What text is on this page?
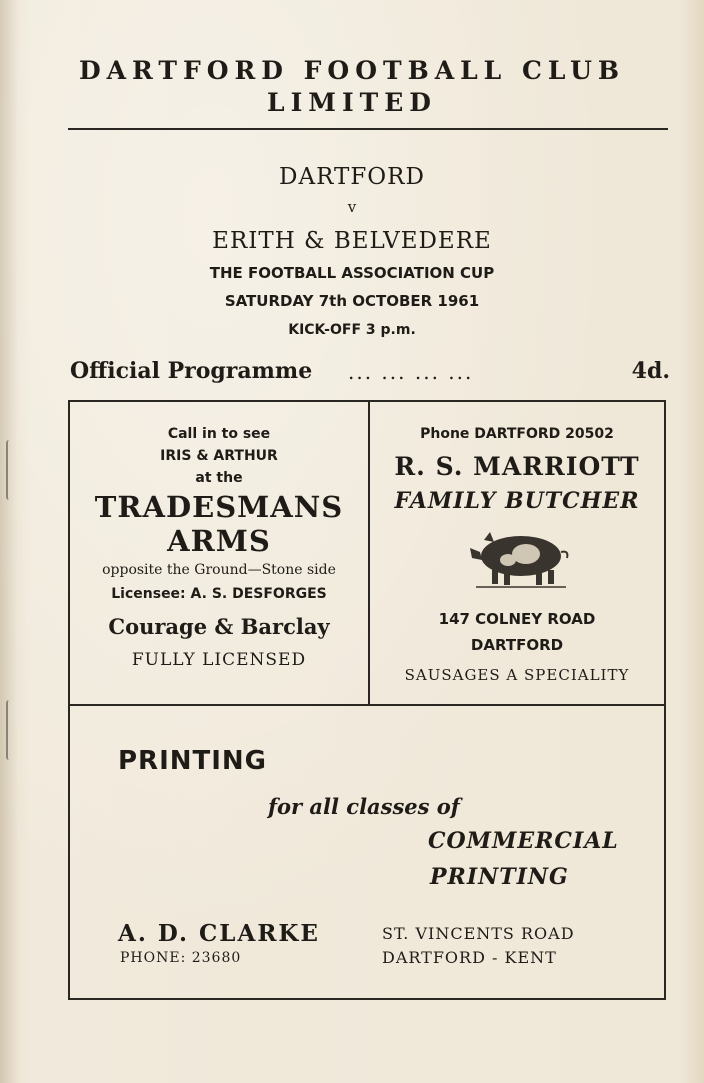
DARTFORD FOOTBALL CLUB
LIMITED
DARTFORD
v
ERITH & BELVEDERE
THE FOOTBALL ASSOCIATION CUP
SATURDAY 7th OCTOBER 1961
KICK-OFF 3 p.m.
Official Programme ... ... ... ...	4d.
Call in to see
IRIS & ARTHUR
at the
TRADESMANS
ARMS
opposite the Ground—Stone side
Licensee: A. S. DESFORGES
Courage & Barclay
FULLY LICENSED
Phone DARTFORD 20502
R. S. MARRIOTT
FAMILY BUTCHER
147 COLNEY ROAD
DARTFORD
SAUSAGES A SPECIALITY
PRINTING
for all classes of
COMMERCIAL
PRINTING
A. D. CLARKE
PHONE: 23680
ST. VINCENTS ROAD
DARTFORD - KENT
